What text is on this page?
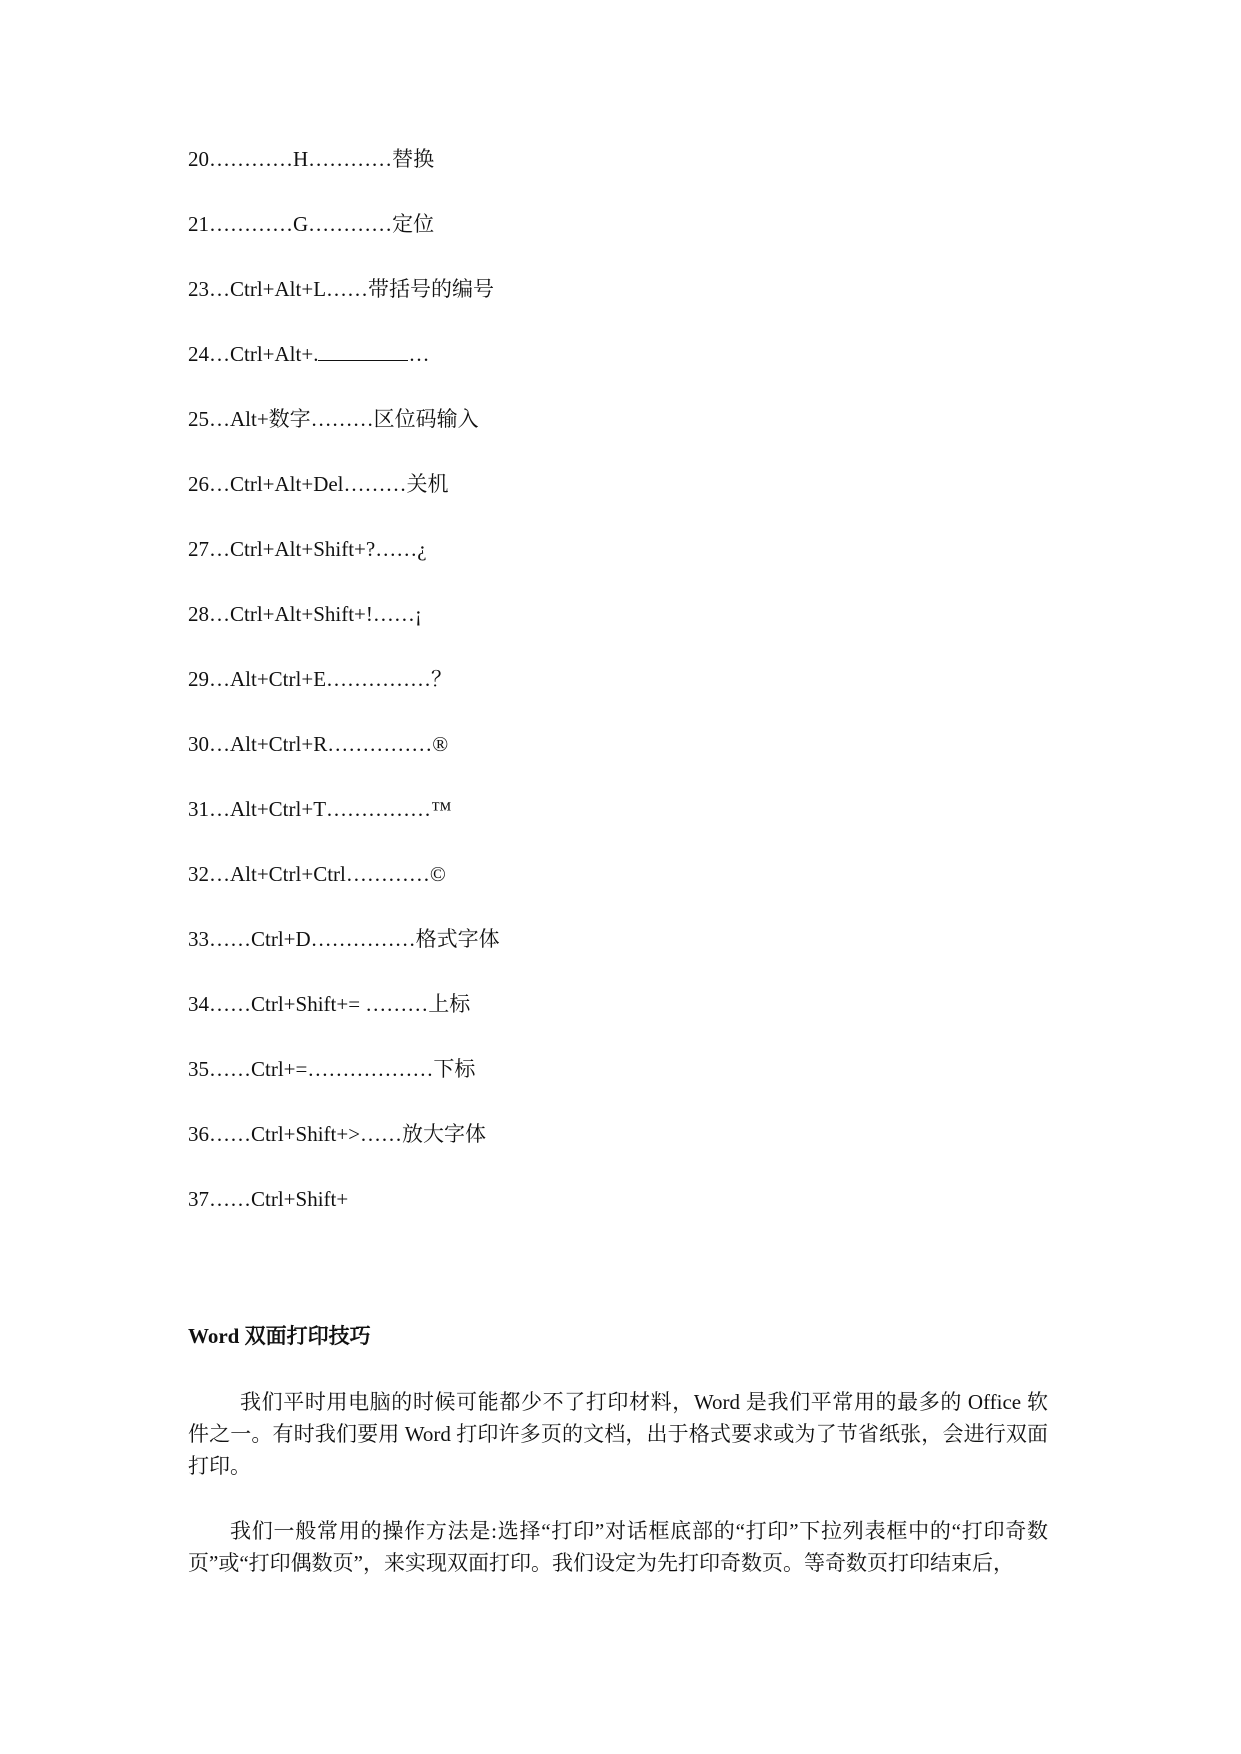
20…………H…………替换
21…………G…………定位
23…Ctrl+Alt+L……带括号的编号
24…Ctrl+Alt+.	…
25…Alt+数字………区位码输入
26…Ctrl+Alt+Del………关机
27…Ctrl+Alt+Shift+?……¿
28…Ctrl+Alt+Shift+!……¡
29…Alt+Ctrl+E……………？
30…Alt+Ctrl+R……………®
31…Alt+Ctrl+T……………™
32…Alt+Ctrl+Ctrl…………©
33……Ctrl+D……………格式字体
34……Ctrl+Shift+= ………上标
35……Ctrl+=………………下标
36……Ctrl+Shift+>……放大字体
37……Ctrl+Shift+
Word 双面打印技巧

我们平时用电脑的时候可能都少不了打印材料，Word 是我们平常用的最多的 Office 软件之一。有时我们要用 Word 打印许多页的文档，出于格式要求或为了节省纸张，会进行双面打印。

我们一般常用的操作方法是:选择“打印”对话框底部的“打印”下拉列表框中的“打印奇数页”或“打印偶数页”，来实现双面打印。我们设定为先打印奇数页。等奇数页打印结束后，
